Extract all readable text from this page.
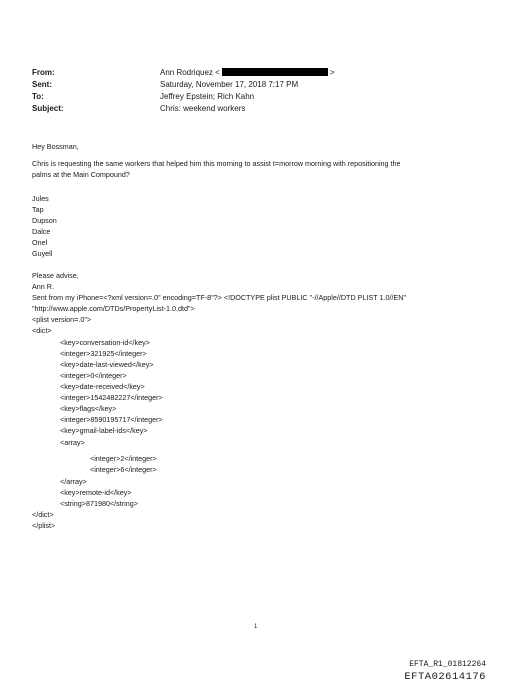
From:	Ann Rodriquez <	>
Sent:	Saturday, November 17, 2018 7:17 PM
To:	Jeffrey Epstein; Rich Kahn
Subject:	Chris: weekend workers
Hey Bossman,
Chris is requesting the same workers that helped him this morning to assist t=morrow morning with repositioning the
palms at the Main Compound?
Jules
Tap
Dupson
Dalce
Onel
Guyell
Please advise,
Ann R.
Sent from my iPhone=<?xml version=.0" encoding=TF-8"?> <!DOCTYPE plist PUBLIC "-//Apple//DTD PLIST 1.0//EN"
"http://www.apple.com/DTDs/PropertyList-1.0.dtd">
<plist version=.0">
<dict>
<key>conversation-id</key>
<integer>321925</integer>
<key>date-last-viewed</key>
<integer>0</integer>
<key>date-received</key>
<integer>1542482227</integer>
<key>flags</key>
<integer>8590195717</integer>
<key>gmail-label-ids</key>
<array>
<integer>2</integer>
<integer>6</integer>
</array>
<key>remote-id</key>
<string>871980</string>
</dict>
</plist>
1
EFTA_R1_01812264
EFTA02614176
